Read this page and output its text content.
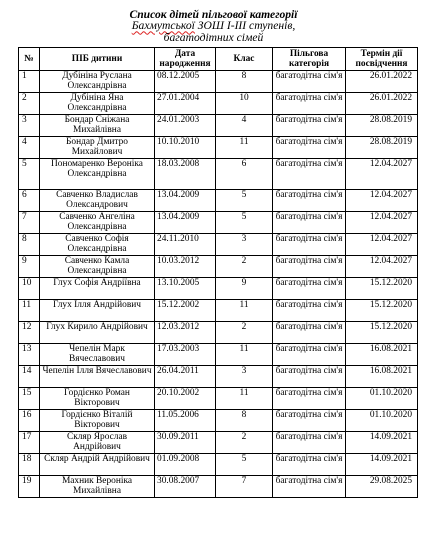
Список дітей пільгової категорії
Бахмутської ЗОШ I-III ступенів,
багатодітних сімей
№	ПІБ дитини	Дата народження	Клас	Пільгова категорія	Термін дії посвідчення
1	Дубініна Руслана Олександрівна	08.12.2005	8	багатодітна сім'я	26.01.2022
2	Дубініна Яна Олександрівна	27.01.2004	10	багатодітна сім'я	26.01.2022
3	Бондар Сніжана Михайлівна	24.01.2003	4	багатодітна сім'я	28.08.2019
4	Бондар Дмитро Михайлович	10.10.2010	11	багатодітна сім'я	28.08.2019
5	Пономаренко Вероніка Олександрівна	18.03.2008	6	багатодітна сім'я	12.04.2027
6	Савченко Владислав Олександрович	13.04.2009	5	багатодітна сім'я	12.04.2027
7	Савченко Ангеліна Олександрівна	13.04.2009	5	багатодітна сім'я	12.04.2027
8	Савченко Софія Олександрівна	24.11.2010	3	багатодітна сім'я	12.04.2027
9	Савченко Камла Олександрівна	10.03.2012	2	багатодітна сім'я	12.04.2027
10	Глух Софія Андріївна	13.10.2005	9	багатодітна сім'я	15.12.2020
11	Глух Ілля Андрійович	15.12.2002	11	багатодітна сім'я	15.12.2020
12	Глух Кирило Андрійович	12.03.2012	2	багатодітна сім'я	15.12.2020
13	Чепелін Марк Вячеславович	17.03.2003	11	багатодітна сім'я	16.08.2021
14	Чепелін Ілля Вячеславович	26.04.2011	3	багатодітна сім'я	16.08.2021
15	Гордієнко Роман Вікторович	20.10.2002	11	багатодітна сім'я	01.10.2020
16	Гордієнко Віталій Вікторович	11.05.2006	8	багатодітна сім'я	01.10.2020
17	Скляр Ярослав Андрійович	30.09.2011	2	багатодітна сім'я	14.09.2021
18	Скляр Андрій Андрійович	01.09.2008	5	багатодітна сім'я	14.09.2021
19	Махник Вероніка Михайлівна	30.08.2007	7	багатодітна сім'я	29.08.2025
